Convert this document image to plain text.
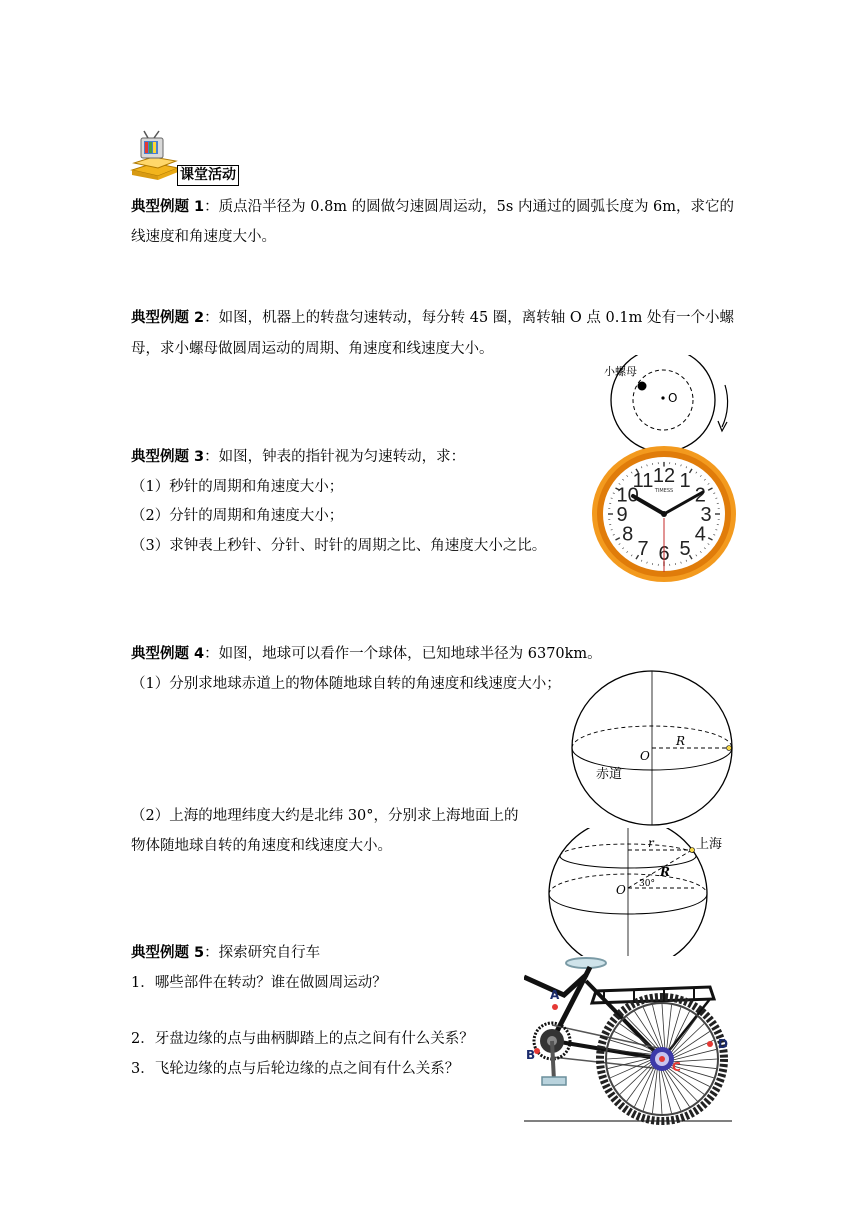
课堂活动
典型例题 1：质点沿半径为 0.8m 的圆做匀速圆周运动，5s 内通过的圆弧长度为 6m，求它的
线速度和角速度大小。
典型例题 2：如图，机器上的转盘匀速转动，每分转 45 圈，离转轴 O 点 0.1m 处有一个小螺
母，求小螺母做圆周运动的周期、角速度和线速度大小。
O
小螺母
典型例题 3：如图，钟表的指针视为匀速转动，求：
（1）秒针的周期和角速度大小；
（2）分针的周期和角速度大小；
（3）求钟表上秒针、分针、时针的周期之比、角速度大小之比。
12 1
2
3
4
5
6
7
8
9
10
11 TIMESS
典型例题 4：如图，地球可以看作一个球体，已知地球半径为 6370km。
（1）分别求地球赤道上的物体随地球自转的角速度和线速度大小；
（2）上海的地理纬度大约是北纬 30°，分别求上海地面上的
物体随地球自转的角速度和线速度大小。
R
O
赤道
r
R
30°
O
上海
典型例题 5：探索研究自行车
1．哪些部件在转动？谁在做圆周运动？
2．牙盘边缘的点与曲柄脚踏上的点之间有什么关系？
3．飞轮边缘的点与后轮边缘的点之间有什么关系？
A
B
C
D
